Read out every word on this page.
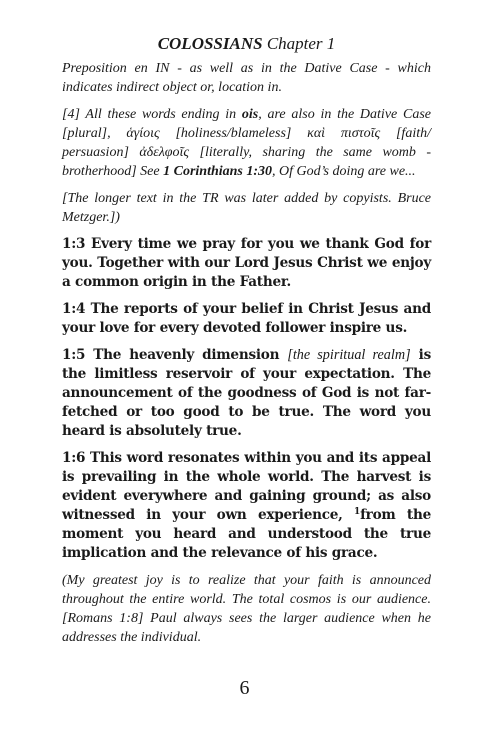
COLOSSIANS Chapter 1

Preposition en IN - as well as in the Dative Case - which indicates indirect object or, location in.

[4] All these words ending in ois, are also in the Dative Case [plural], ἁγίοις [holiness/blameless] καὶ πιστοῖς [faith/ persuasion] ἀδελφοῖς [literally, sharing the same womb - brotherhood] See 1 Corinthians 1:30, Of God’s doing are we...

[The longer text in the TR was later added by copyists. Bruce Metzger.])

1:3 Every time we pray for you we thank God for you. Together with our Lord Jesus Christ we enjoy a common origin in the Father.

1:4 The reports of your belief in Christ Jesus and your love for every devoted follower inspire us.

1:5 The heavenly dimension [the spiritual realm] is the limitless reservoir of your expectation. The announcement of the goodness of God is not far-fetched or too good to be true. The word you heard is absolutely true.

1:6 This word resonates within you and its appeal is prevailing in the whole world. The harvest is evident everywhere and gaining ground; as also witnessed in your own experience, $^1$from the moment you heard and understood the true implication and the relevance of his grace.

(My greatest joy is to realize that your faith is announced throughout the entire world. The total cosmos is our audience. [Romans 1:8] Paul always sees the larger audience when he addresses the individual.

6
